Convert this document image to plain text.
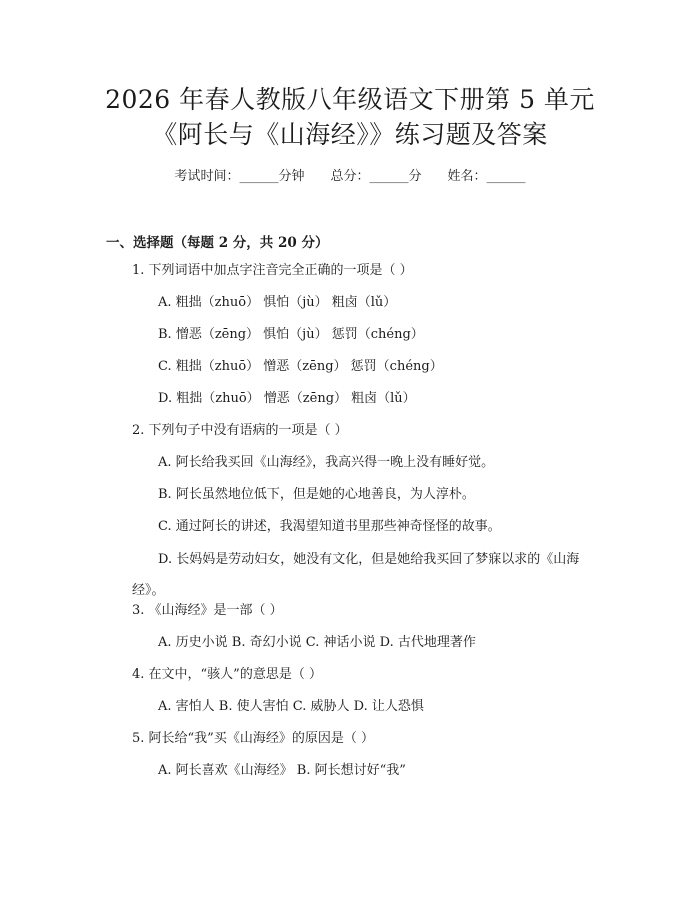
2026 年春人教版八年级语文下册第 5 单元
《阿长与《山海经》》练习题及答案
考试时间：______分钟 总分：______分 姓名：______
一、选择题（每题 2 分，共 20 分）
1. 下列词语中加点字注音完全正确的一项是（ ）
A. 粗拙（zhuō） 惧怕（jù） 粗卤（lǔ）
B. 憎恶（zēng） 惧怕（jù） 惩罚（chéng）
C. 粗拙（zhuō） 憎恶（zēng） 惩罚（chéng）
D. 粗拙（zhuō） 憎恶（zēng） 粗卤（lǔ）
2. 下列句子中没有语病的一项是（ ）
A. 阿长给我买回《山海经》，我高兴得一晚上没有睡好觉。
B. 阿长虽然地位低下，但是她的心地善良，为人淳朴。
C. 通过阿长的讲述，我渴望知道书里那些神奇怪怪的故事。
D. 长妈妈是劳动妇女，她没有文化，但是她给我买回了梦寐以求的《山海经》。
3. 《山海经》是一部（ ）
A. 历史小说 B. 奇幻小说 C. 神话小说 D. 古代地理著作
4. 在文中，“骇人”的意思是（ ）
A. 害怕人 B. 使人害怕 C. 威胁人 D. 让人恐惧
5. 阿长给“我”买《山海经》的原因是（ ）
A. 阿长喜欢《山海经》 B. 阿长想讨好“我”
